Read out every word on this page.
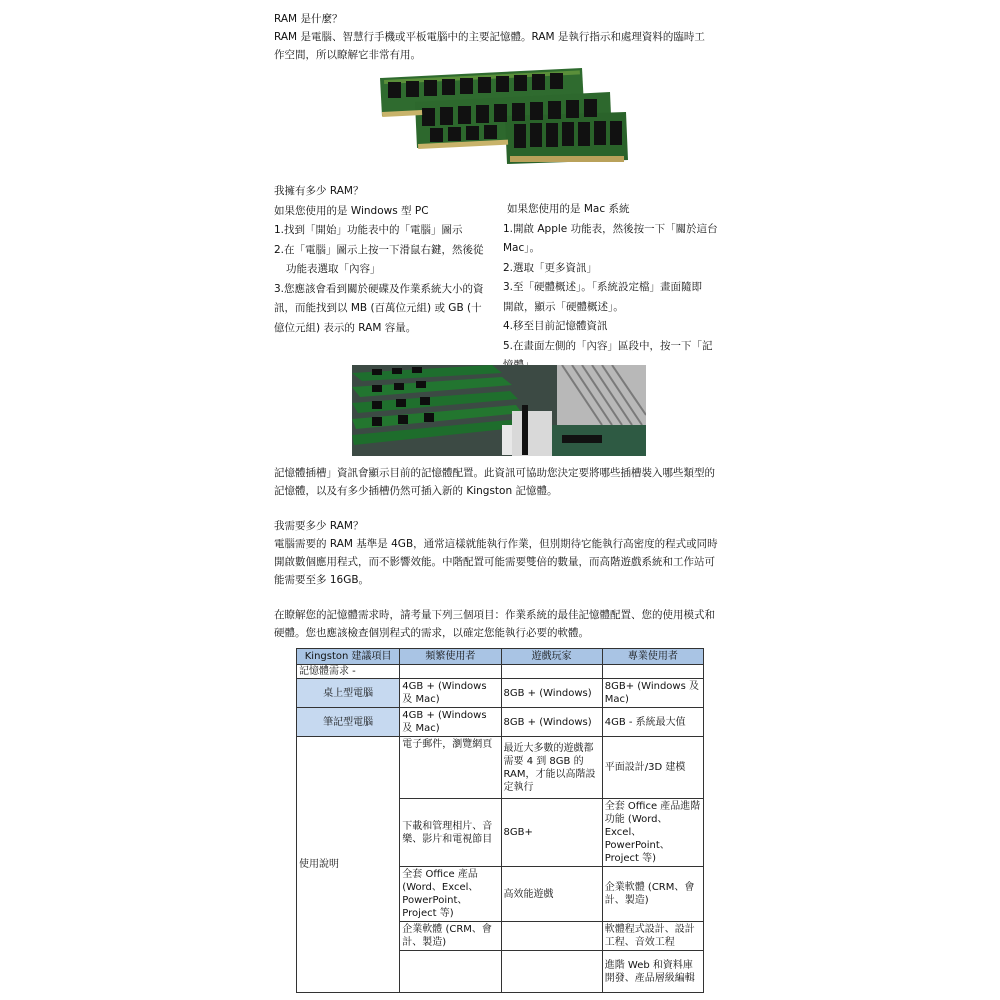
RAM 是什麼？
RAM 是電腦、智慧行手機或平板電腦中的主要記憶體。RAM 是執行指示和處理資料的臨時工
作空間，所以瞭解它非常有用。
我擁有多少 RAM？
如果您使用的是 Windows 型 PC
1.找到「開始」功能表中的「電腦」圖示
2.在「電腦」圖示上按一下滑鼠右鍵，然後從
功能表選取「內容」
3.您應該會看到關於硬碟及作業系統大小的資
訊，而能找到以 MB (百萬位元組) 或 GB (十
億位元組) 表示的 RAM 容量。
如果您使用的是 Mac 系統
1.開啟 Apple 功能表，然後按一下「關於這台
Mac」。
2.選取「更多資訊」
3.至「硬體概述」。「系統設定檔」畫面隨即
開啟，顯示「硬體概述」。
4.移至目前記憶體資訊
5.在畫面左側的「內容」區段中，按一下「記
記憶體插槽」資訊會顯示目前的記憶體配置。此資訊可協助您決定要將哪些插槽裝入哪些類型的
記憶體，以及有多少插槽仍然可插入新的 Kingston 記憶體。
我需要多少 RAM？
電腦需要的 RAM 基準是 4GB，通常這樣就能執行作業，但別期待它能執行高密度的程式或同時
開啟數個應用程式，而不影響效能。中階配置可能需要雙倍的數量，而高階遊戲系統和工作站可
能需要至多 16GB。
在瞭解您的記憶體需求時，請考量下列三個項目：作業系統的最佳記憶體配置、您的使用模式和
硬體。您也應該檢查個別程式的需求，以確定您能執行必要的軟體。
Kingston 建議項目	頻繁使用者	遊戲玩家	專業使用者
記憶體需求 -			
桌上型電腦	4GB + (Windows 及 Mac)	8GB + (Windows)	8GB+ (Windows 及 Mac)
筆記型電腦	4GB + (Windows 及 Mac)	8GB + (Windows)	4GB - 系統最大值
使用說明	電子郵件，瀏覽網頁	最近大多數的遊戲都需要 4 到 8GB 的 RAM，才能以高階設定執行	平面設計/3D 建模
	下載和管理相片、音樂、影片和電視節目	8GB+	全套 Office 產品進階功能 (Word、Excel、PowerPoint、Project 等)
	全套 Office 產品 (Word、Excel、PowerPoint、Project 等)	高效能遊戲	企業軟體 (CRM、會計、製造)
	企業軟體 (CRM、會計、製造)		軟體程式設計、設計工程、音效工程
			進階 Web 和資料庫開發、產品層級編輯
